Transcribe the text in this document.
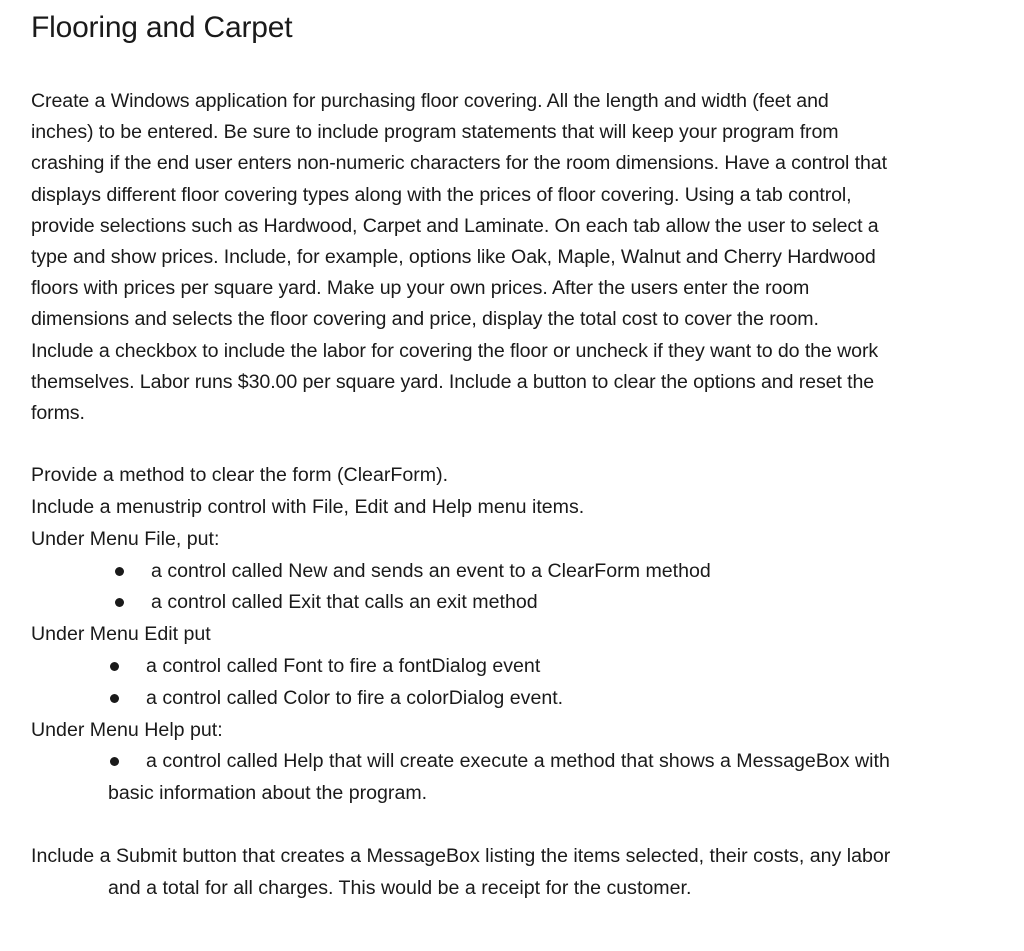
Flooring and Carpet
Create a Windows application for purchasing floor covering. All the length and width (feet and
inches) to be entered. Be sure to include program statements that will keep your program from
crashing if the end user enters non-numeric characters for the room dimensions. Have a control that
displays different floor covering types along with the prices of floor covering. Using a tab control,
provide selections such as Hardwood, Carpet and Laminate. On each tab allow the user to select a
type and show prices. Include, for example, options like Oak, Maple, Walnut and Cherry Hardwood
floors with prices per square yard. Make up your own prices. After the users enter the room
dimensions and selects the floor covering and price, display the total cost to cover the room.
Include a checkbox to include the labor for covering the floor or uncheck if they want to do the work
themselves. Labor runs $30.00 per square yard. Include a button to clear the options and reset the
forms.

Provide a method to clear the form (ClearForm).

Include a menustrip control with File, Edit and Help menu items.

Under Menu File, put:

a control called New and sends an event to a ClearForm method
a control called Exit that calls an exit method

Under Menu Edit put

a control called Font to fire a fontDialog event
a control called Color to fire a colorDialog event.

Under Menu Help put:

a control called Help that will create execute a method that shows a MessageBox with
basic information about the program.
Include a Submit button that creates a MessageBox listing the items selected, their costs, any labor
and a total for all charges. This would be a receipt for the customer.
